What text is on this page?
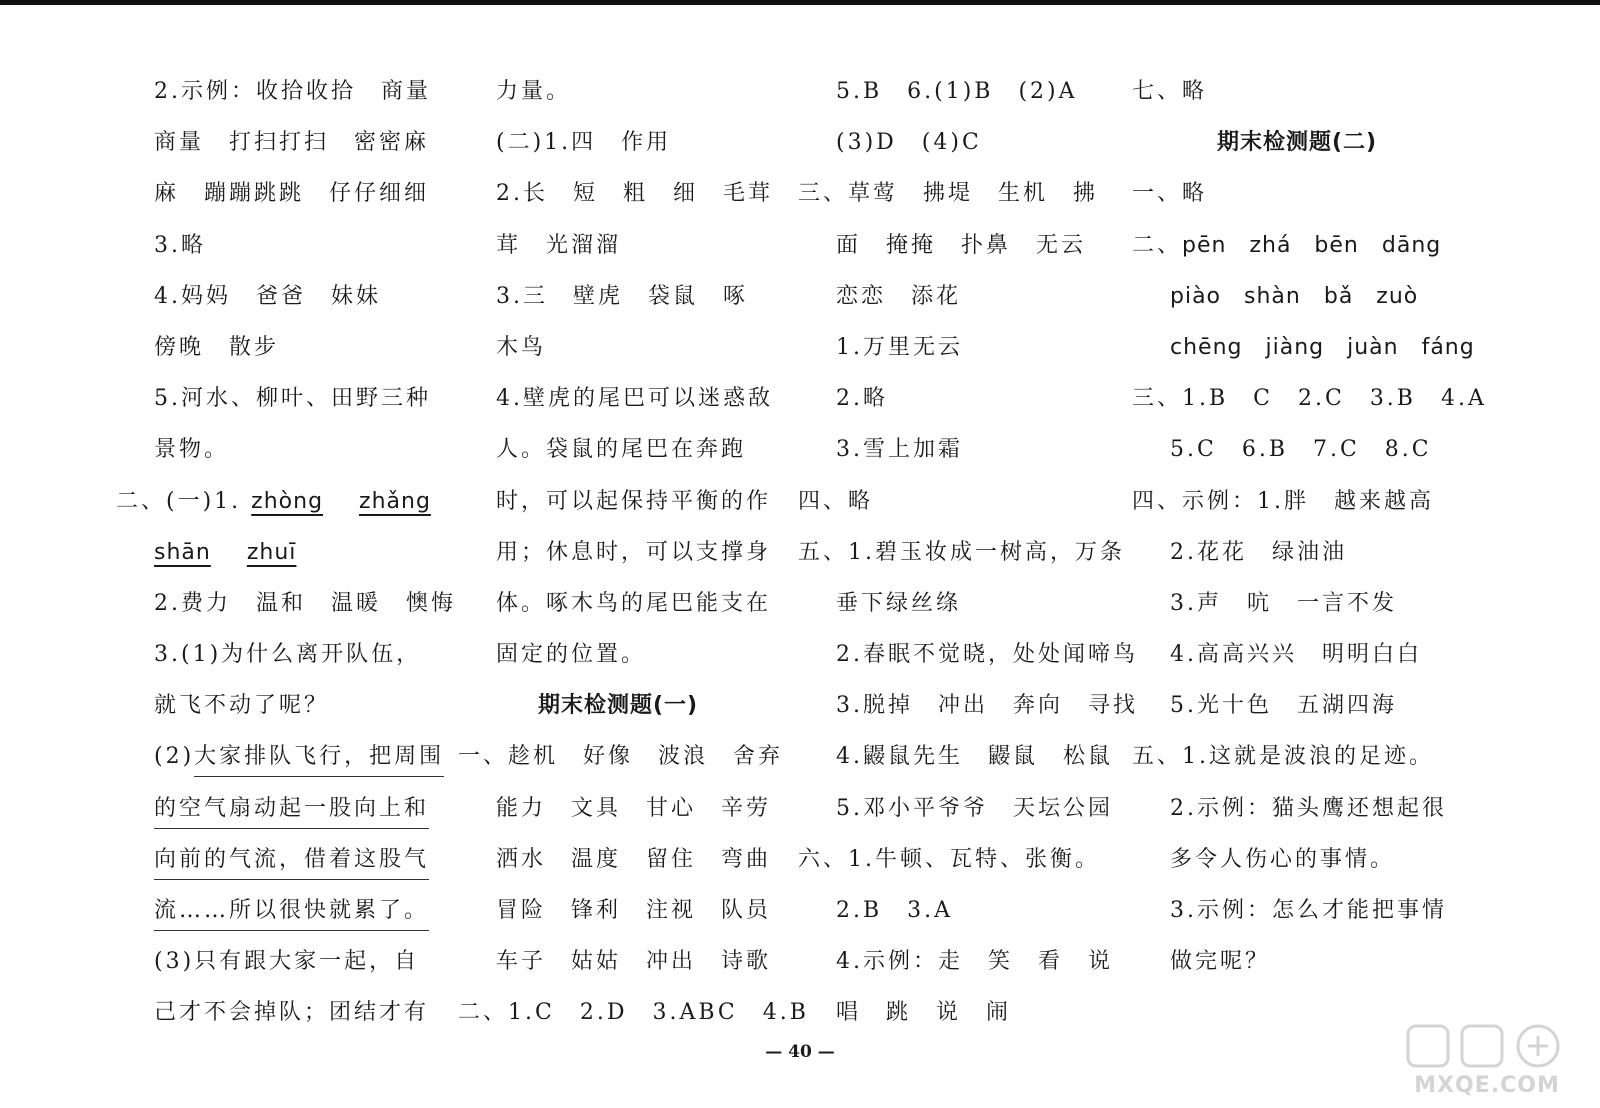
2.示例：收拾收拾　商量
商量　打扫打扫　密密麻
麻　蹦蹦跳跳　仔仔细细
3.略
4.妈妈　爸爸　妹妹
傍晚　散步
5.河水、柳叶、田野三种
景物。
二、(一)1. zhòng zhǎng
shān zhuī
2.费力　温和　温暖　懊悔
3.(1)为什么离开队伍，
就飞不动了呢？
(2)大家排队飞行，把周围
的空气扇动起一股向上和
向前的气流，借着这股气
流……所以很快就累了。
(3)只有跟大家一起，自
己才不会掉队；团结才有
力量。
(二)1.四　作用
2.长　短　粗　细　毛茸
茸　光溜溜
3.三　壁虎　袋鼠　啄
木鸟
4.壁虎的尾巴可以迷惑敌
人。袋鼠的尾巴在奔跑
时，可以起保持平衡的作
用；休息时，可以支撑身
体。啄木鸟的尾巴能支在
固定的位置。
期末检测题(一)
一、趁机　好像　波浪　舍弃
能力　文具　甘心　辛劳
洒水　温度　留住　弯曲
冒险　锋利　注视　队员
车子　姑姑　冲出　诗歌
二、1.C　2.D　3.ABC　4.B
5.B　6.(1)B　(2)A
(3)D　(4)C
三、草莺　拂堤　生机　拂
面　掩掩　扑鼻　无云
恋恋　添花
1.万里无云
2.略
3.雪上加霜
四、略
五、1.碧玉妆成一树高，万条
垂下绿丝绦
2.春眠不觉晓，处处闻啼鸟
3.脱掉　冲出　奔向　寻找
4.鼹鼠先生　鼹鼠　松鼠
5.邓小平爷爷　天坛公园
六、1.牛顿、瓦特、张衡。
2.B　3.A
4.示例：走　笑　看　说
唱　跳　说　闹
七、略
期末检测题(二)
一、略
二、pēn　zhá　bēn　dāng
piào　shàn　bǎ　zuò
chēng　jiàng　juàn　fáng
三、1.B　C　2.C　3.B　4.A
5.C　6.B　7.C　8.C
四、示例：1.胖　越来越高
2.花花　绿油油
3.声　吭　一言不发
4.高高兴兴　明明白白
5.光十色　五湖四海
五、1.这就是波浪的足迹。
2.示例：猫头鹰还想起很
多令人伤心的事情。
3.示例：怎么才能把事情
做完呢？
— 40 —
MXQE.COM
